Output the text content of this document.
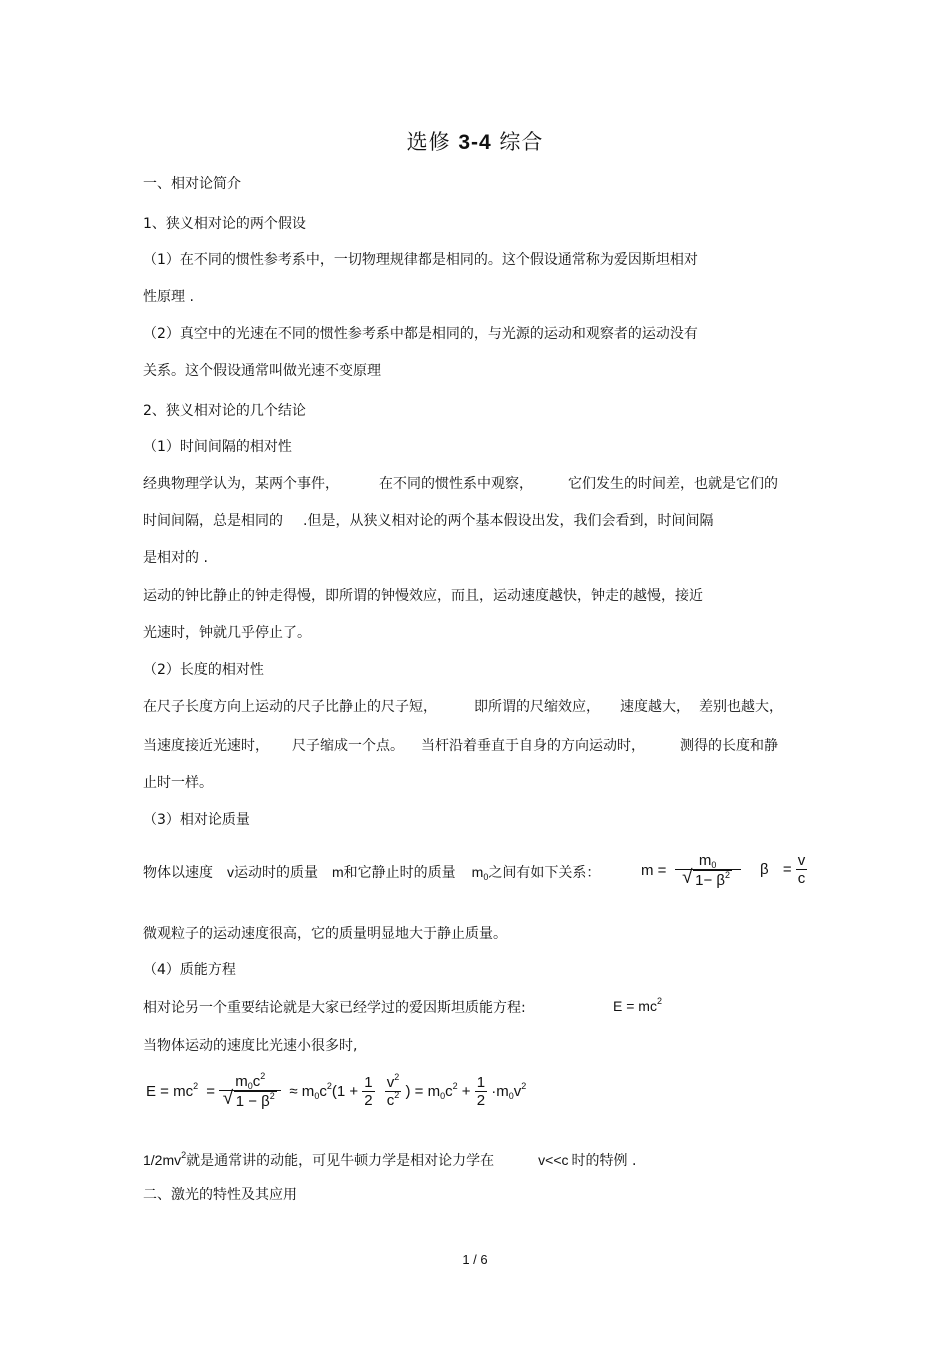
选修 3-4 综合
一、相对论简介
1、狭义相对论的两个假设
（1）在不同的惯性参考系中，一切物理规律都是相同的。这个假设通常称为爱因斯坦相对
性原理 .
（2）真空中的光速在不同的惯性参考系中都是相同的，与光源的运动和观察者的运动没有
关系。这个假设通常叫做光速不变原理
2、狭义相对论的几个结论
（1）时间间隔的相对性
经典物理学认为，某两个事件，	在不同的惯性系中观察，	它们发生的时间差，也就是它们的
时间间隔，总是相同的 .但是，从狭义相对论的两个基本假设出发，我们会看到，时间间隔
是相对的 .
运动的钟比静止的钟走得慢，即所谓的钟慢效应，而且，运动速度越快，钟走的越慢，接近
光速时，钟就几乎停止了。
（2）长度的相对性
在尺子长度方向上运动的尺子比静止的尺子短，	即所谓的尺缩效应， 速度越大， 差别也越大，
当速度接近光速时， 尺子缩成一个点。 当杆沿着垂直于自身的方向运动时，	测得的长度和静
止时一样。
（3）相对论质量
物体以速度 v运动时的质量 m和它静止时的质量 $m_0$之间有如下关系：	$m = m_0$
√ $1- \beta^2$ $\beta = \frac{v}{c}$
微观粒子的运动速度很高，它的质量明显地大于静止质量。
（4）质能方程
相对论另一个重要结论就是大家已经学过的爱因斯坦质能方程:	$E = mc^2$
当物体运动的速度比光速小很多时,
$E = mc^2 = m_0c^2$
√ $1 - \beta^2 \approx m_0c^2(1 + \frac{1}{2}$
$\frac{v^2}{c^2}$ ) = $m_0c^2 + \frac{1}{2} \cdot m_0v^2$
$1/2mv^2$就是通常讲的动能，可见牛顿力学是相对论力学在	v<<c 时的特例 .
二、激光的特性及其应用
1 / 6
